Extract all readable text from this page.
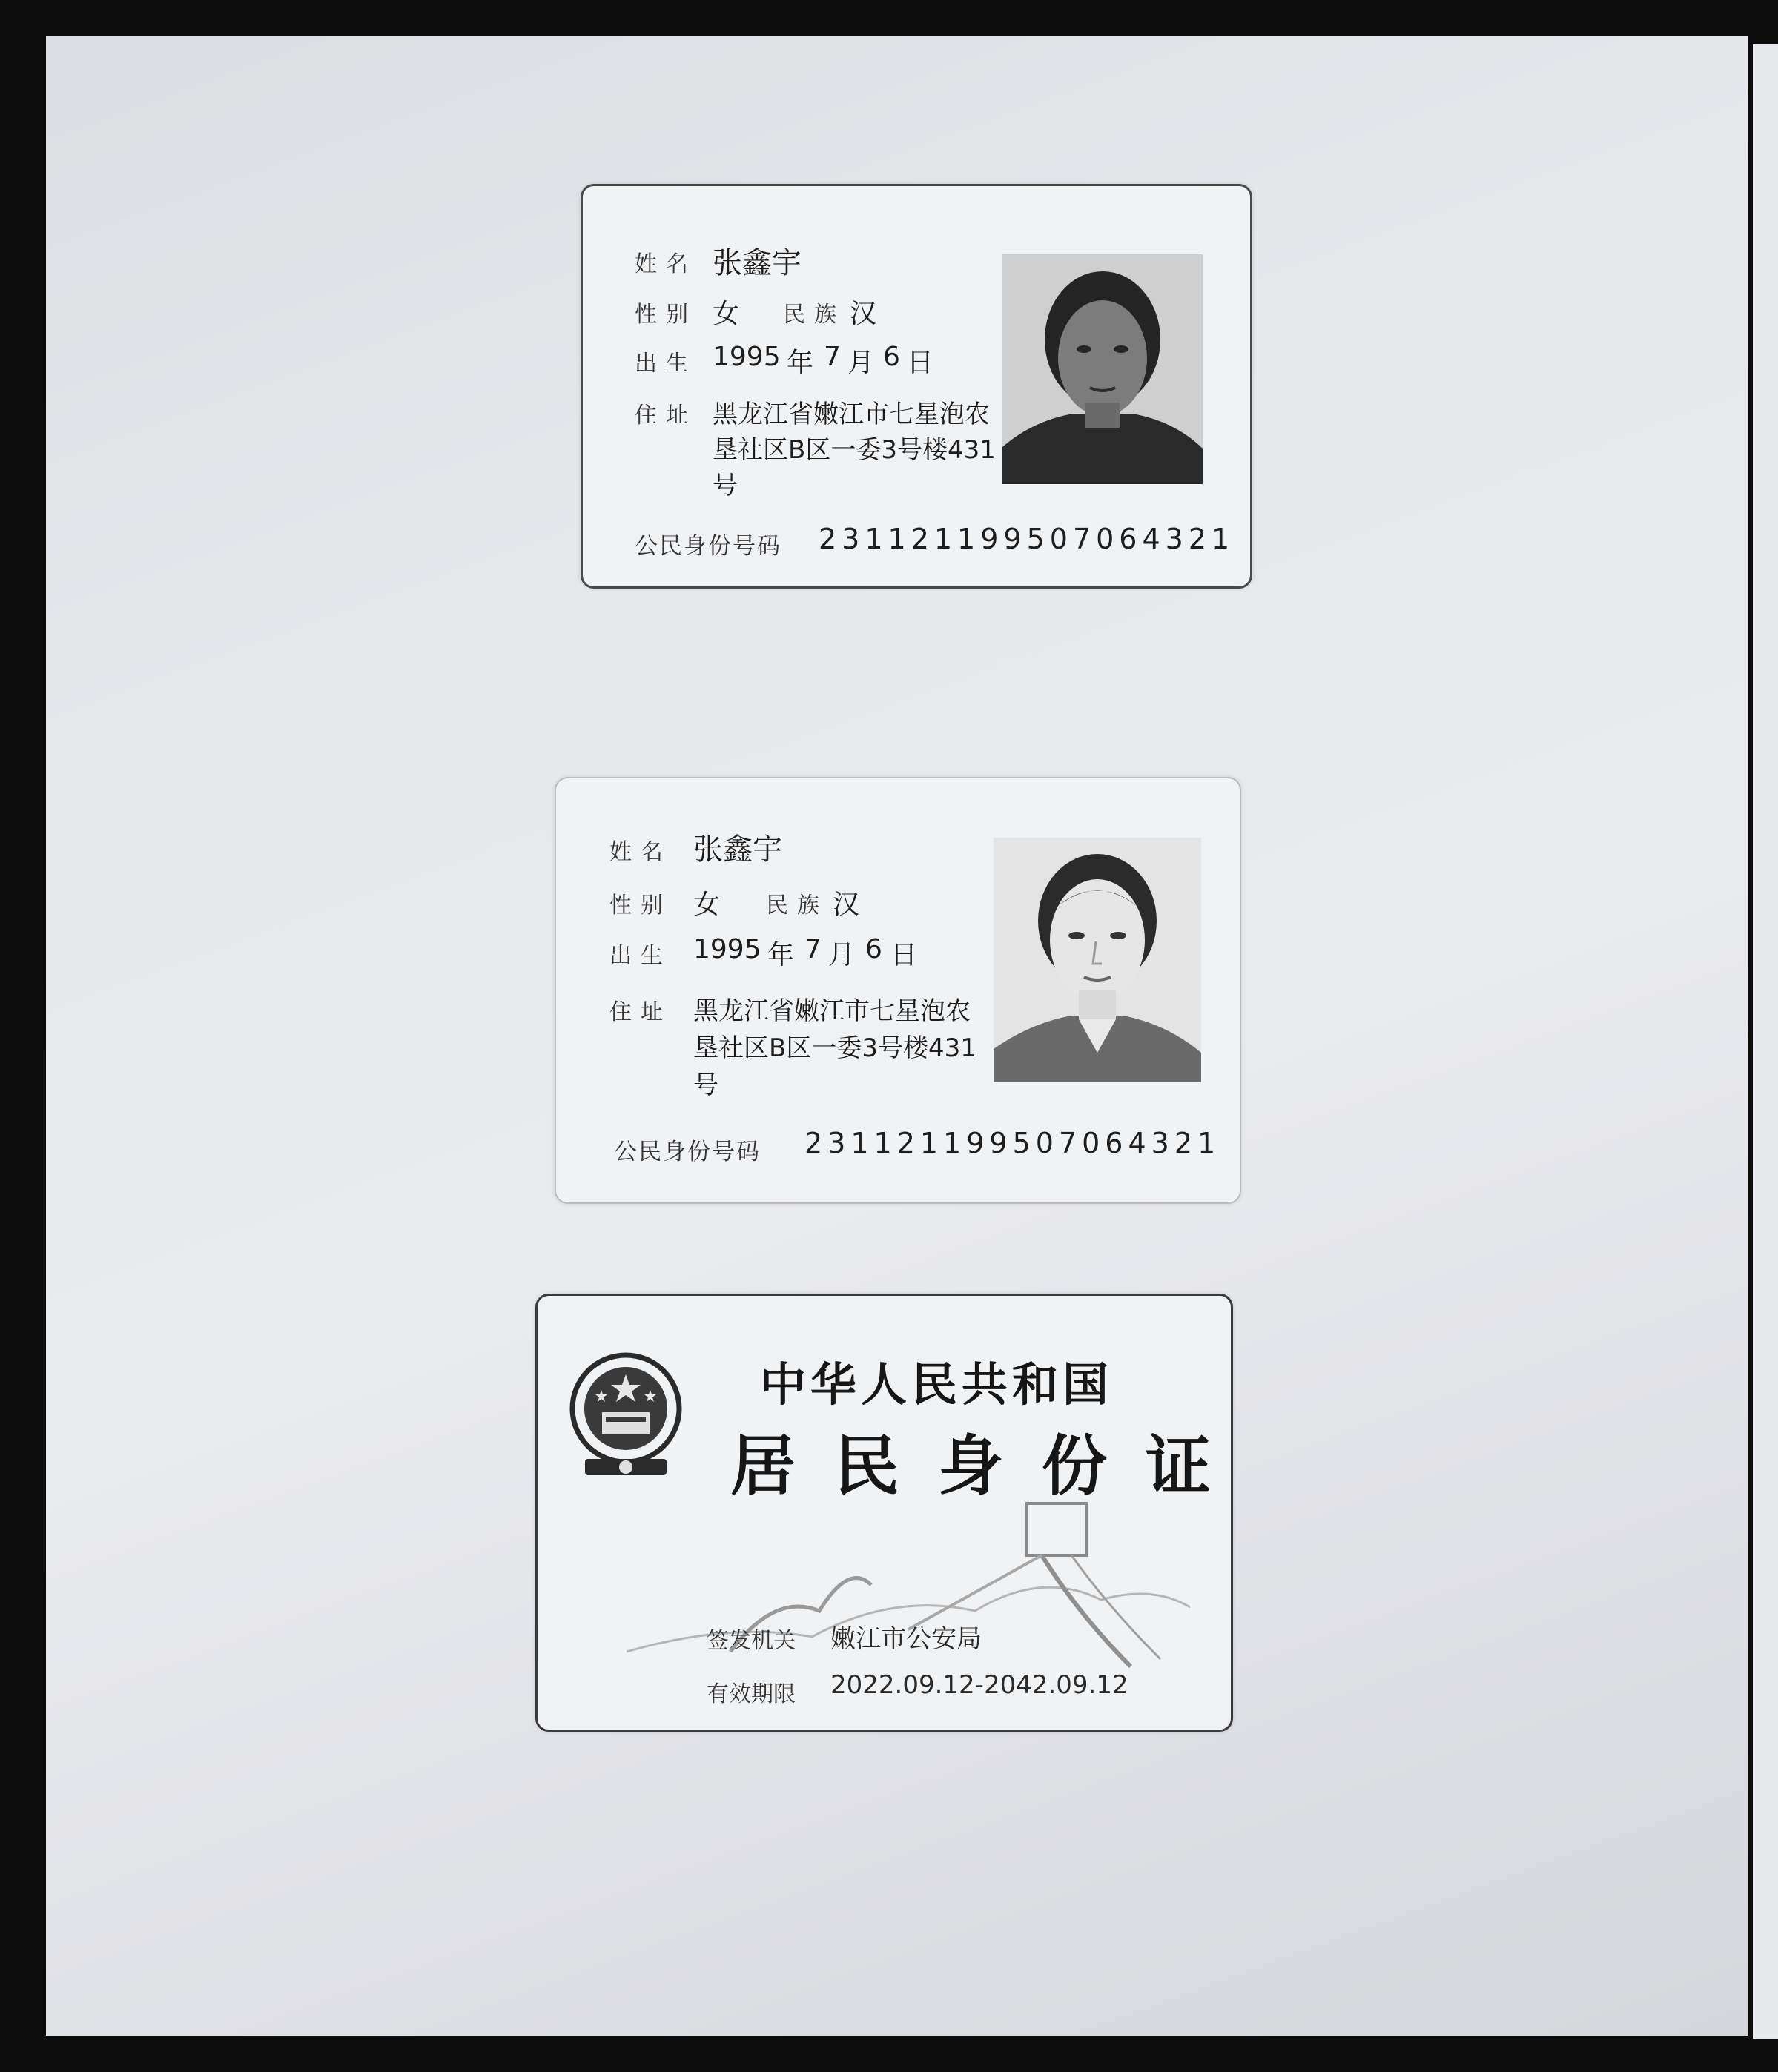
姓名 张鑫宇
性别 女 民族 汉
出生 1995 年 7 月 6 日
住址 黑龙江省嫩江市七星泡农
垦社区B区一委3号楼431
号
公民身份号码 231121199507064321
姓名 张鑫宇
性别 女 民族 汉
出生 1995 年 7 月 6 日
住址 黑龙江省嫩江市七星泡农
垦社区B区一委3号楼431
号
公民身份号码 231121199507064321
中华人民共和国
居民身份证
签发机关 嫩江市公安局
有效期限 2022.09.12-2042.09.12
